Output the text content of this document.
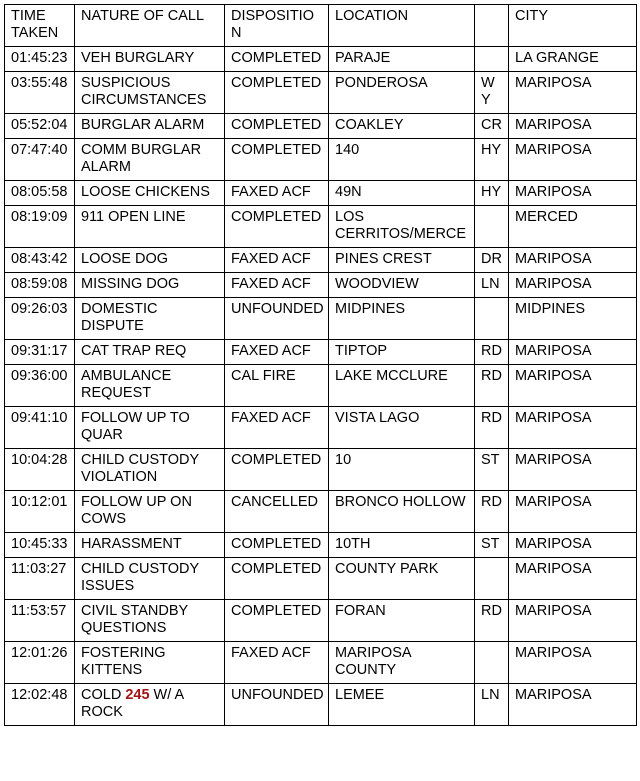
TIME TAKEN	NATURE OF CALL	DISPOSITION	LOCATION		CITY
01:45:23	VEH BURGLARY	COMPLETED	PARAJE		LA GRANGE
03:55:48	SUSPICIOUS CIRCUMSTANCES	COMPLETED	PONDEROSA	WY	MARIPOSA
05:52:04	BURGLAR ALARM	COMPLETED	COAKLEY	CR	MARIPOSA
07:47:40	COMM BURGLAR ALARM	COMPLETED	140	HY	MARIPOSA
08:05:58	LOOSE CHICKENS	FAXED ACF	49N	HY	MARIPOSA
08:19:09	911 OPEN LINE	COMPLETED	LOS CERRITOS/MERCE		MERCED
08:43:42	LOOSE DOG	FAXED ACF	PINES CREST	DR	MARIPOSA
08:59:08	MISSING DOG	FAXED ACF	WOODVIEW	LN	MARIPOSA
09:26:03	DOMESTIC DISPUTE	UNFOUNDED	MIDPINES		MIDPINES
09:31:17	CAT TRAP REQ	FAXED ACF	TIPTOP	RD	MARIPOSA
09:36:00	AMBULANCE REQUEST	CAL FIRE	LAKE MCCLURE	RD	MARIPOSA
09:41:10	FOLLOW UP TO QUAR	FAXED ACF	VISTA LAGO	RD	MARIPOSA
10:04:28	CHILD CUSTODY VIOLATION	COMPLETED	10	ST	MARIPOSA
10:12:01	FOLLOW UP ON COWS	CANCELLED	BRONCO HOLLOW	RD	MARIPOSA
10:45:33	HARASSMENT	COMPLETED	10TH	ST	MARIPOSA
11:03:27	CHILD CUSTODY ISSUES	COMPLETED	COUNTY PARK		MARIPOSA
11:53:57	CIVIL STANDBY QUESTIONS	COMPLETED	FORAN	RD	MARIPOSA
12:01:26	FOSTERING KITTENS	FAXED ACF	MARIPOSA COUNTY		MARIPOSA
12:02:48	COLD 245 W/ A ROCK	UNFOUNDED	LEMEE	LN	MARIPOSA
